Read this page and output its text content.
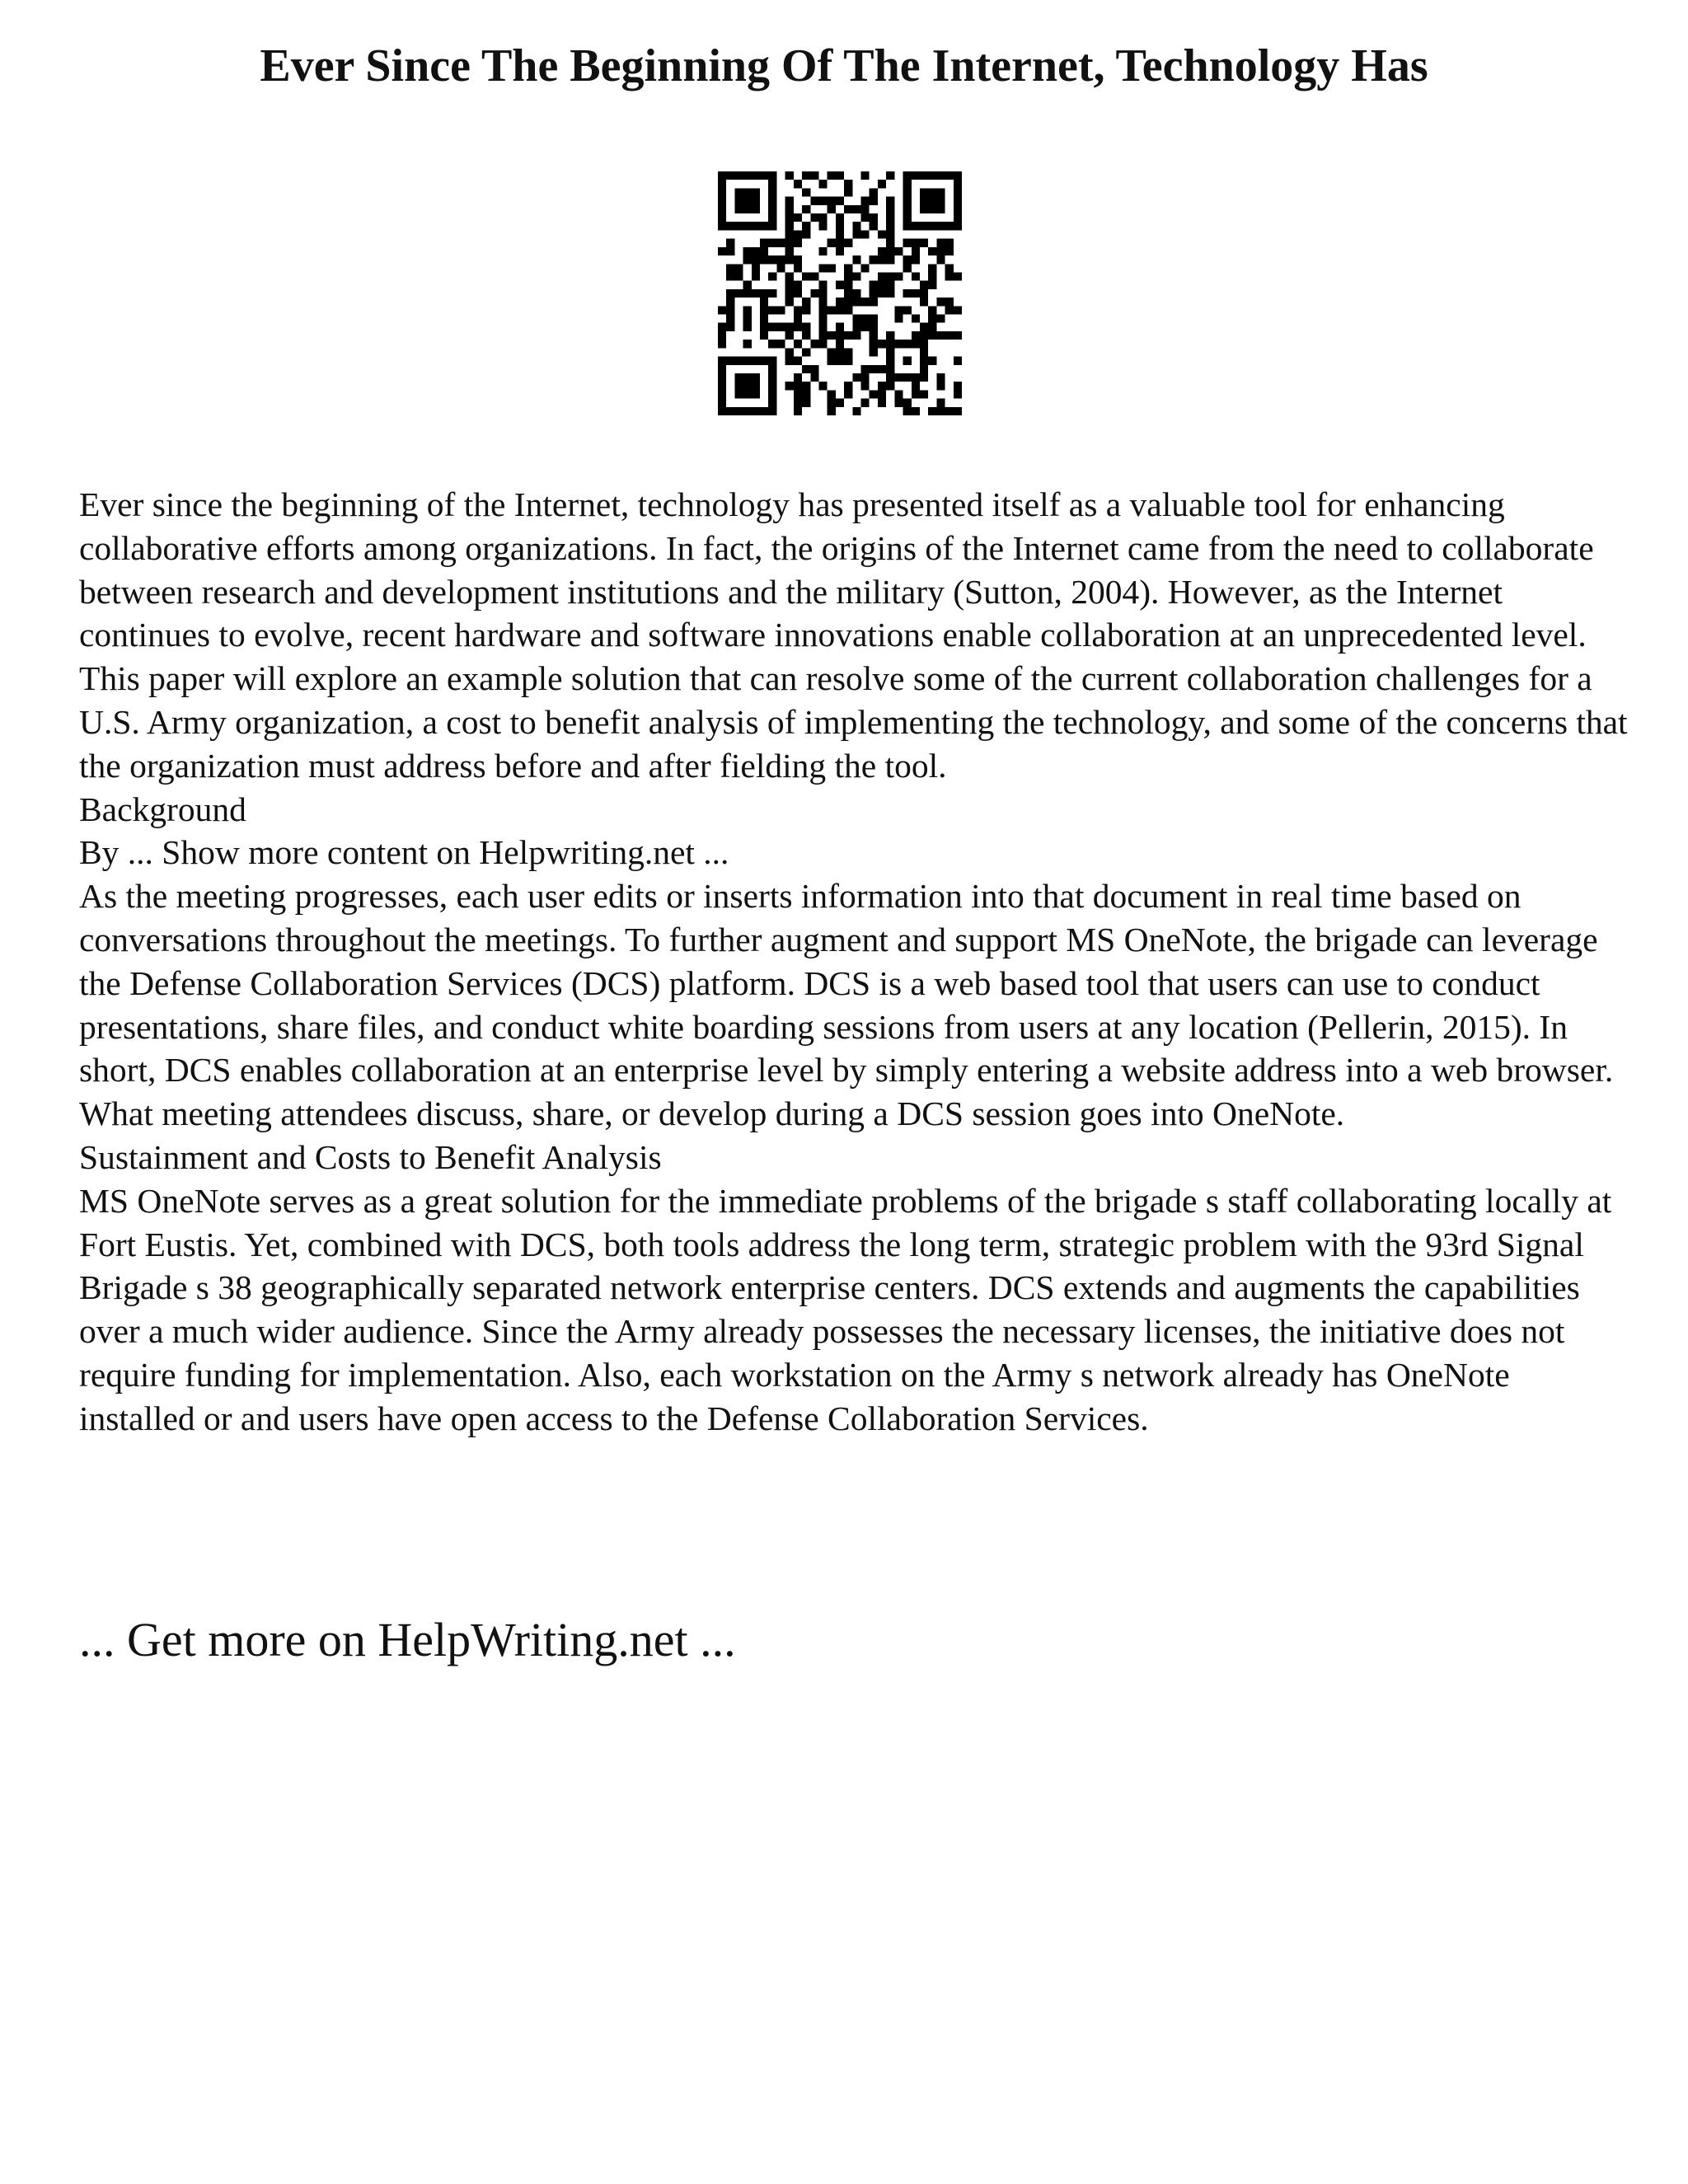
Ever Since The Beginning Of The Internet, Technology Has

Ever since the beginning of the Internet, technology has presented itself as a valuable tool for enhancing collaborative efforts among organizations. In fact, the origins of the Internet came from the need to collaborate between research and development institutions and the military (Sutton, 2004). However, as the Internet continues to evolve, recent hardware and software innovations enable collaboration at an unprecedented level. This paper will explore an example solution that can resolve some of the current collaboration challenges for a U.S. Army organization, a cost to benefit analysis of implementing the technology, and some of the concerns that the organization must address before and after fielding the tool.

Background

By ... Show more content on Helpwriting.net ...

As the meeting progresses, each user edits or inserts information into that document in real time based on conversations throughout the meetings. To further augment and support MS OneNote, the brigade can leverage the Defense Collaboration Services (DCS) platform. DCS is a web based tool that users can use to conduct presentations, share files, and conduct white boarding sessions from users at any location (Pellerin, 2015). In short, DCS enables collaboration at an enterprise level by simply entering a website address into a web browser. What meeting attendees discuss, share, or develop during a DCS session goes into OneNote.

Sustainment and Costs to Benefit Analysis

MS OneNote serves as a great solution for the immediate problems of the brigade s staff collaborating locally at Fort Eustis. Yet, combined with DCS, both tools address the long term, strategic problem with the 93rd Signal Brigade s 38 geographically separated network enterprise centers. DCS extends and augments the capabilities over a much wider audience. Since the Army already possesses the necessary licenses, the initiative does not require funding for implementation. Also, each workstation on the Army s network already has OneNote installed or and users have open access to the Defense Collaboration Services.

... Get more on HelpWriting.net ...
